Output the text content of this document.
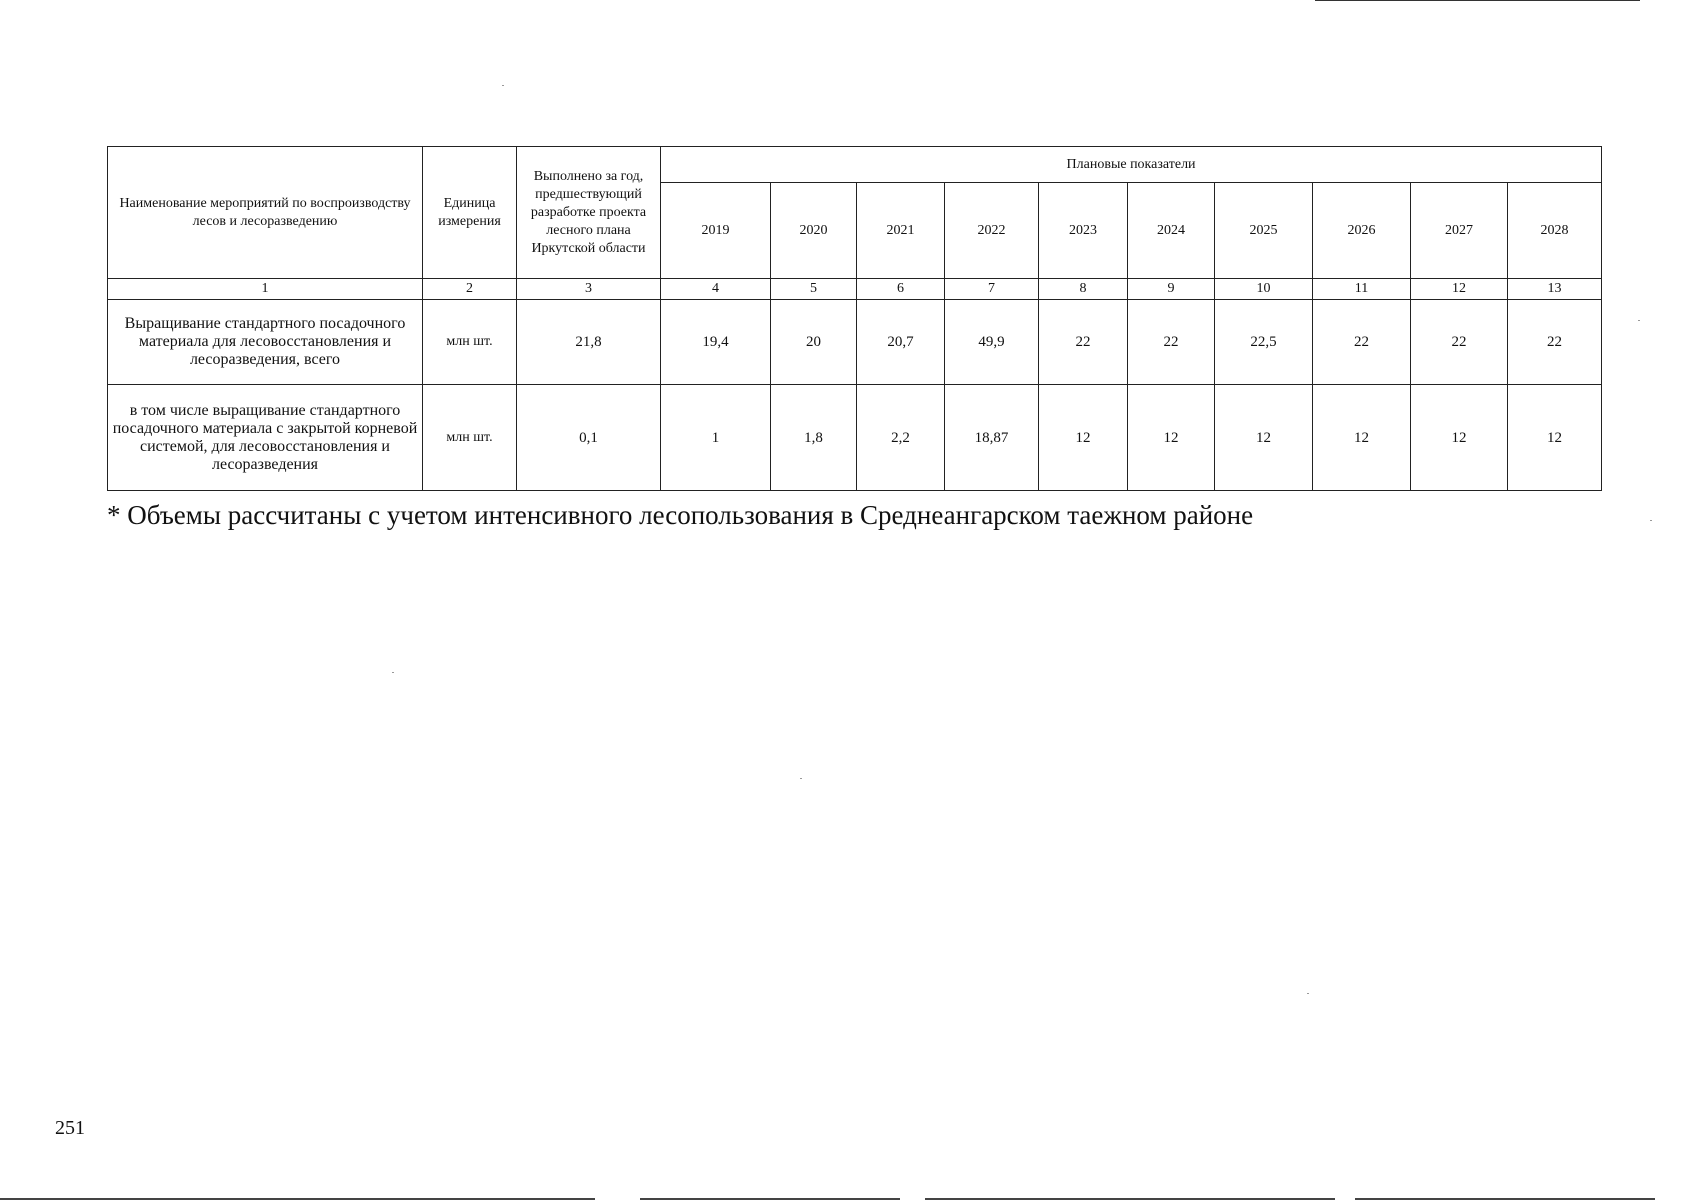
Наименование мероприятий по воспроизводству лесов и лесоразведению	Единица измерения	Выполнено за год, предшествующий разработке проекта лесного плана Иркутской области	Плановые показатели									
			2019	2020	2021	2022	2023	2024	2025	2026	2027	2028
1	2	3	4	5	6	7	8	9	10	11	12	13
Выращивание стандартного посадочного материала для лесовосстановления и лесоразведения, всего	млн шт.	21,8	19,4	20	20,7	49,9	22	22	22,5	22	22	22
в том числе выращивание стандартного посадочного материала с закрытой корневой системой, для лесовосстановления и лесоразведения	млн шт.	0,1	1	1,8	2,2	18,87	12	12	12	12	12	12
* Объемы рассчитаны с учетом интенсивного лесопользования в Среднеангарском таежном районе
251
